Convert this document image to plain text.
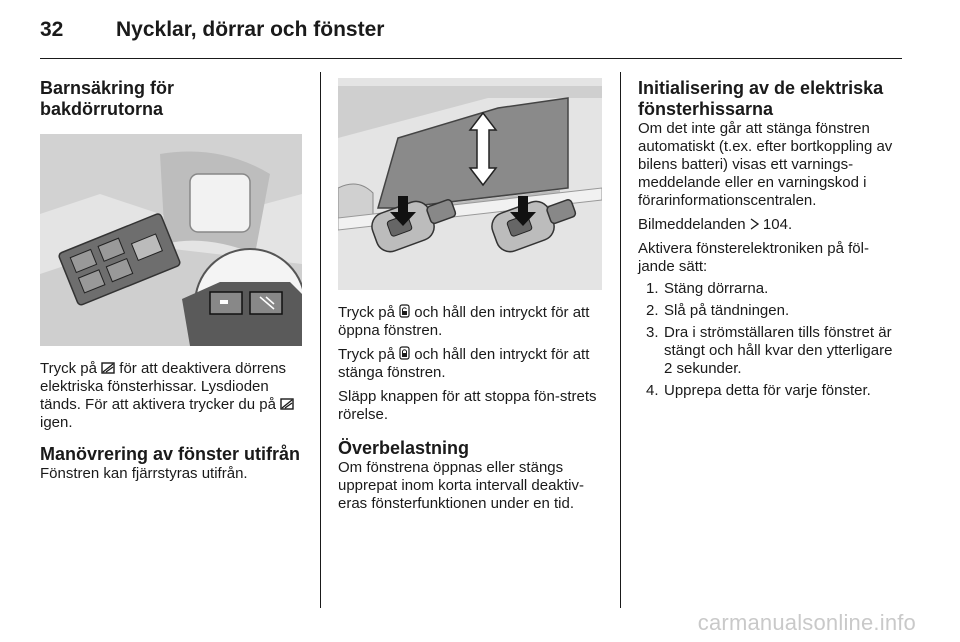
32	Nycklar, dörrar och fönster
Barnsäkring för bakdörrutorna

Tryck på  för att deaktivera dörrens elektriska fönsterhissar. Lysdioden tänds. För att aktivera trycker du på  igen.

Manövrering av fönster utifrån

Fönstren kan fjärrstyras utifrån.

Tryck på  och håll den intryckt för att öppna fönstren.

Tryck på  och håll den intryckt för att stänga fönstren.

Släpp knappen för att stoppa fön-strets rörelse.

Överbelastning

Om fönstrena öppnas eller stängs upprepat inom korta intervall deaktiv-eras fönsterfunktionen under en tid.

Initialisering av de elektriska fönsterhissarna

Om det inte går att stänga fönstren automatiskt (t.ex. efter bortkoppling av bilens batteri) visas ett varnings-meddelande eller en varningskod i förarinformationscentralen.

Bilmeddelanden 104.

Aktivera fönsterelektroniken på föl-jande sätt:

1. Stäng dörrarna.
2. Slå på tändningen.
3. Dra i strömställaren tills fönstret är stängt och håll kvar den ytterligare 2 sekunder.
4. Upprepa detta för varje fönster.
carmanualsonline.info
